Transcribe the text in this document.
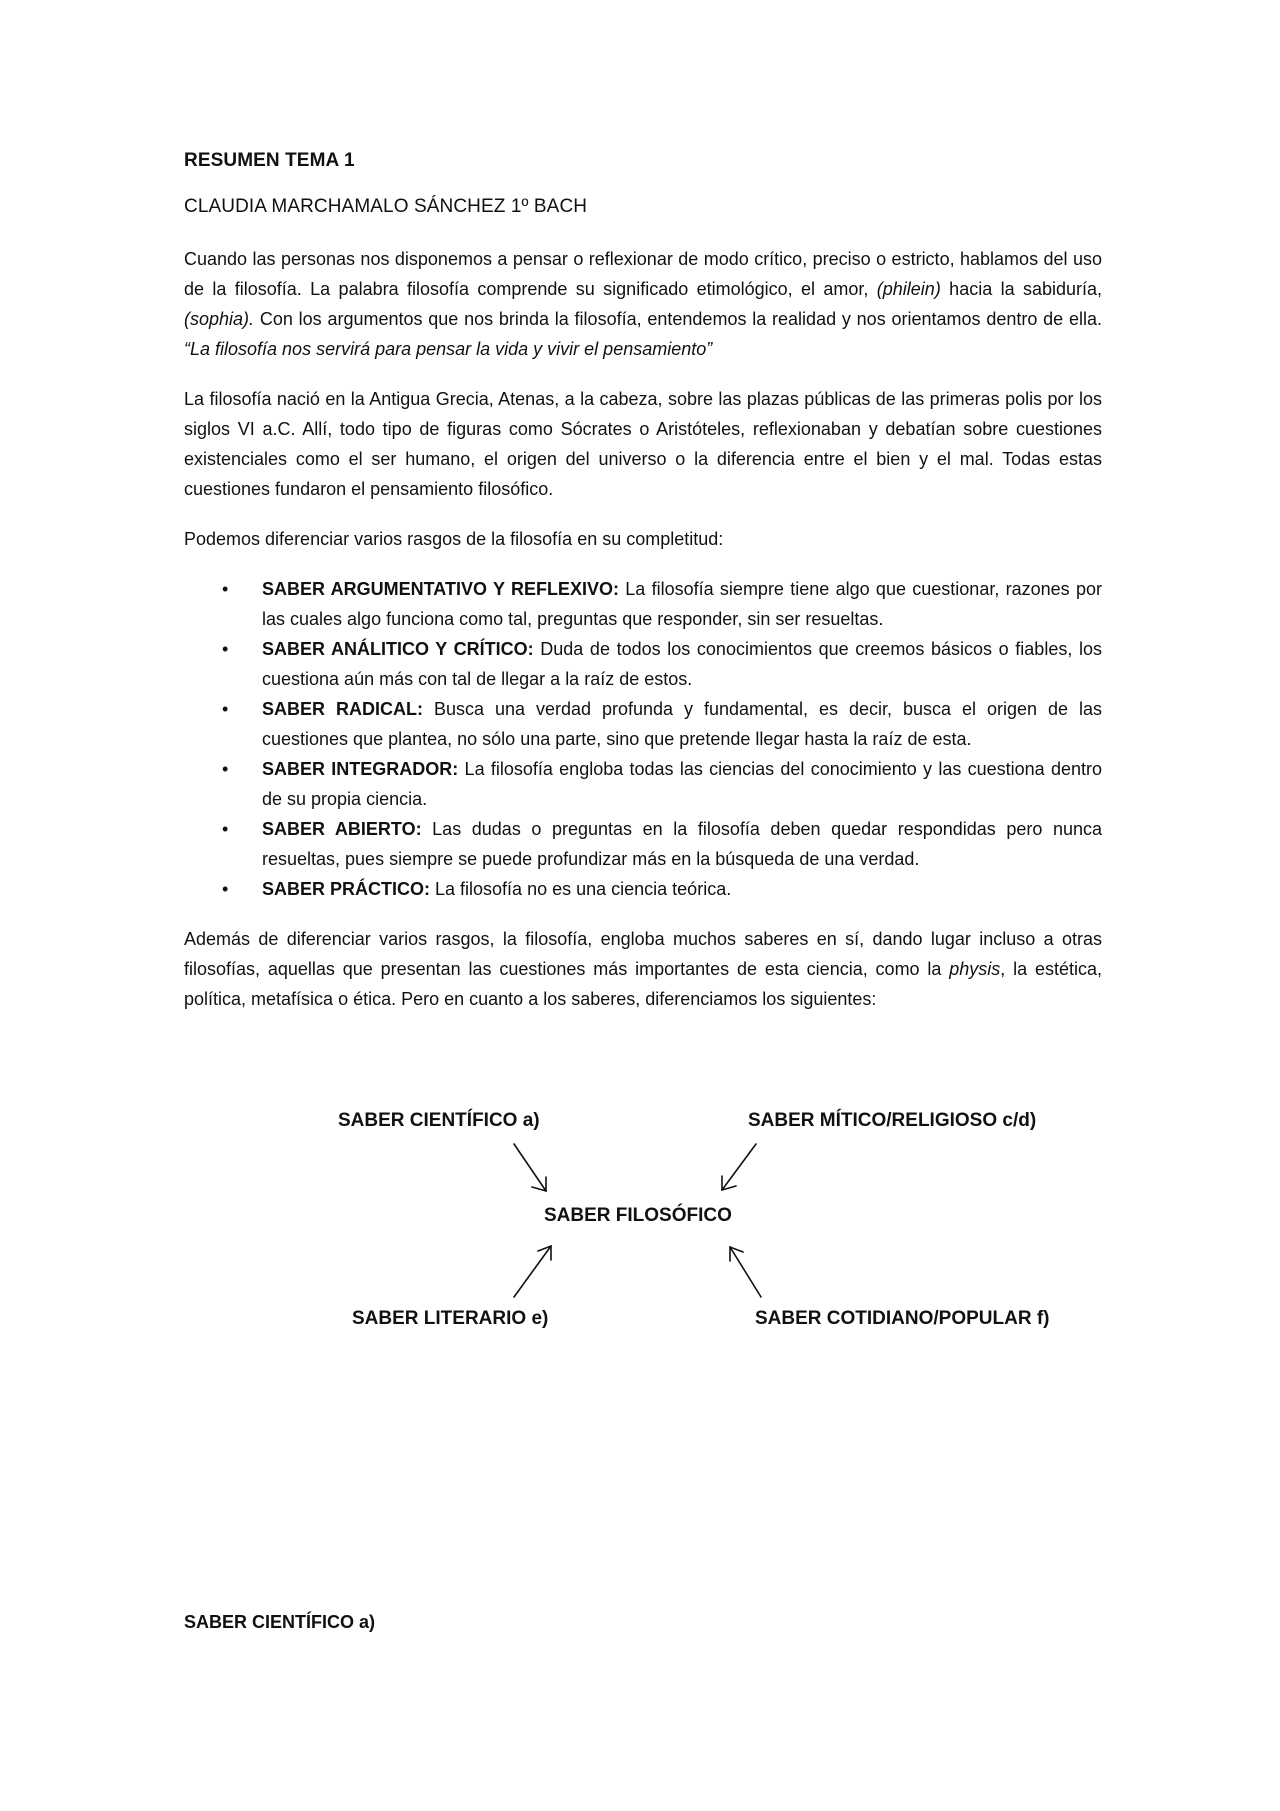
RESUMEN TEMA 1
CLAUDIA MARCHAMALO SÁNCHEZ 1º BACH

Cuando las personas nos disponemos a pensar o reflexionar de modo crítico, preciso o estricto, hablamos del uso de la filosofía. La palabra filosofía comprende su significado etimológico, el amor, (philein) hacia la sabiduría, (sophia). Con los argumentos que nos brinda la filosofía, entendemos la realidad y nos orientamos dentro de ella. “La filosofía nos servirá para pensar la vida y vivir el pensamiento”

La filosofía nació en la Antigua Grecia, Atenas, a la cabeza, sobre las plazas públicas de las primeras polis por los siglos VI a.C. Allí, todo tipo de figuras como Sócrates o Aristóteles, reflexionaban y debatían sobre cuestiones existenciales como el ser humano, el origen del universo o la diferencia entre el bien y el mal. Todas estas cuestiones fundaron el pensamiento filosófico.

Podemos diferenciar varios rasgos de la filosofía en su completitud:

• SABER ARGUMENTATIVO Y REFLEXIVO: La filosofía siempre tiene algo que cuestionar, razones por las cuales algo funciona como tal, preguntas que responder, sin ser resueltas.
• SABER ANÁLITICO Y CRÍTICO: Duda de todos los conocimientos que creemos básicos o fiables, los cuestiona aún más con tal de llegar a la raíz de estos.
• SABER RADICAL: Busca una verdad profunda y fundamental, es decir, busca el origen de las cuestiones que plantea, no sólo una parte, sino que pretende llegar hasta la raíz de esta.
• SABER INTEGRADOR: La filosofía engloba todas las ciencias del conocimiento y las cuestiona dentro de su propia ciencia.
• SABER ABIERTO: Las dudas o preguntas en la filosofía deben quedar respondidas pero nunca resueltas, pues siempre se puede profundizar más en la búsqueda de una verdad.
• SABER PRÁCTICO: La filosofía no es una ciencia teórica.

Además de diferenciar varios rasgos, la filosofía, engloba muchos saberes en sí, dando lugar incluso a otras filosofías, aquellas que presentan las cuestiones más importantes de esta ciencia, como la physis, la estética, política, metafísica o ética. Pero en cuanto a los saberes, diferenciamos los siguientes:

SABER CIENTÍFICO a)	SABER MÍTICO/RELIGIOSO c/d)
SABER FILOSÓFICO
SABER LITERARIO e)	SABER COTIDIANO/POPULAR f)
SABER CIENTÍFICO a)
